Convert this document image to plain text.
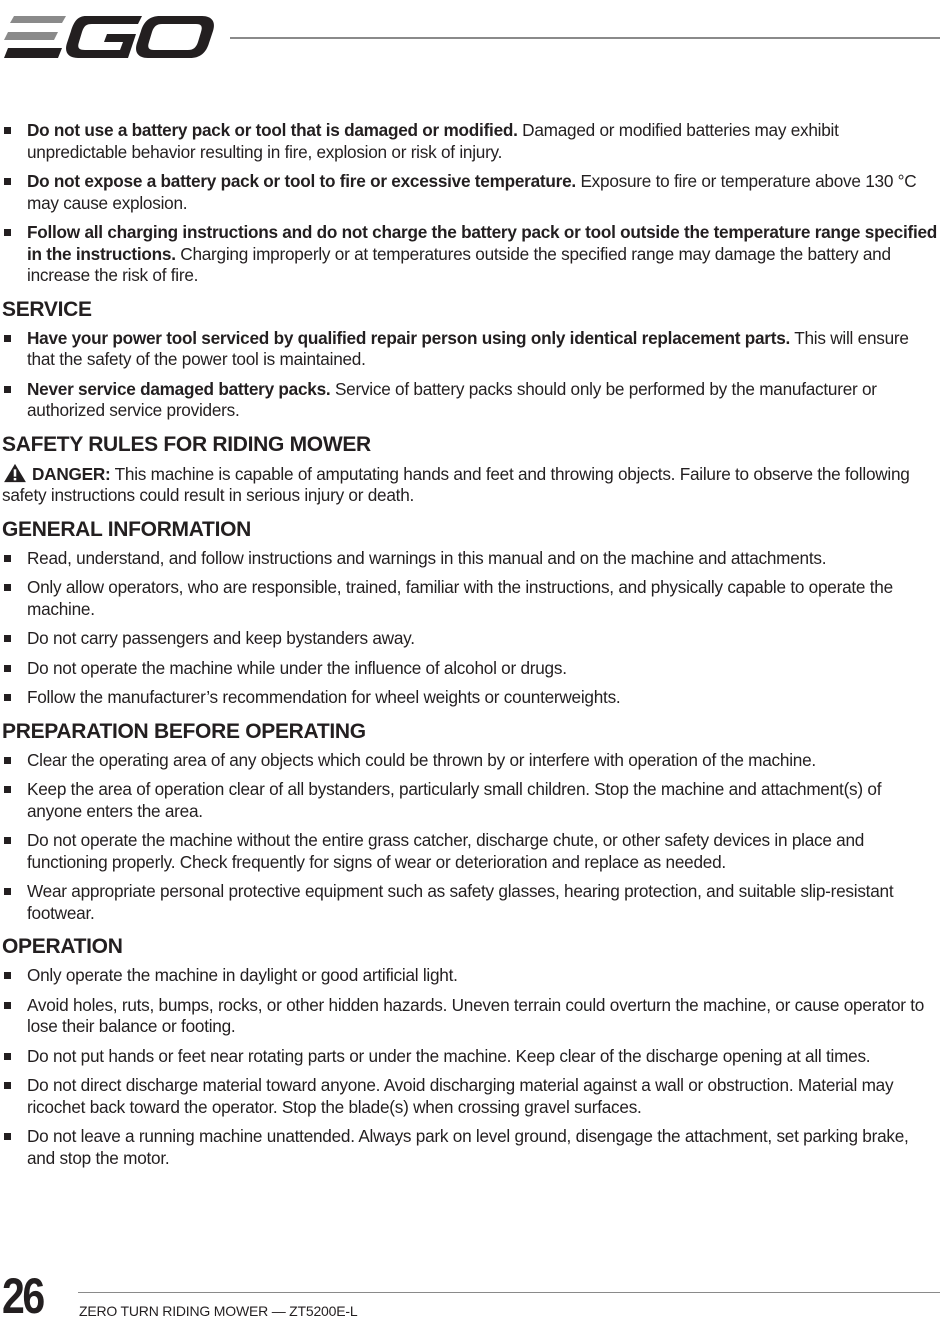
Do not use a battery pack or tool that is damaged or modified. Damaged or modified batteries may exhibit unpredictable behavior resulting in fire, explosion or risk of injury.
Do not expose a battery pack or tool to fire or excessive temperature. Exposure to fire or temperature above 130 °C may cause explosion.
Follow all charging instructions and do not charge the battery pack or tool outside the temperature range specified in the instructions. Charging improperly or at temperatures outside the specified range may damage the battery and increase the risk of fire.
SERVICE
Have your power tool serviced by qualified repair person using only identical replacement parts. This will ensure that the safety of the power tool is maintained.
Never service damaged battery packs. Service of battery packs should only be performed by the manufacturer or authorized service providers.
SAFETY RULES FOR RIDING MOWER
DANGER: This machine is capable of amputating hands and feet and throwing objects. Failure to observe the following safety instructions could result in serious injury or death.
GENERAL INFORMATION
Read, understand, and follow instructions and warnings in this manual and on the machine and attachments.
Only allow operators, who are responsible, trained, familiar with the instructions, and physically capable to operate the machine.
Do not carry passengers and keep bystanders away.
Do not operate the machine while under the influence of alcohol or drugs.
Follow the manufacturer’s recommendation for wheel weights or counterweights.
PREPARATION BEFORE OPERATING
Clear the operating area of any objects which could be thrown by or interfere with operation of the machine.
Keep the area of operation clear of all bystanders, particularly small children. Stop the machine and attachment(s) of anyone enters the area.
Do not operate the machine without the entire grass catcher, discharge chute, or other safety devices in place and functioning properly. Check frequently for signs of wear or deterioration and replace as needed.
Wear appropriate personal protective equipment such as safety glasses, hearing protection, and suitable slip-resistant footwear.
OPERATION
Only operate the machine in daylight or good artificial light.
Avoid holes, ruts, bumps, rocks, or other hidden hazards. Uneven terrain could overturn the machine, or cause operator to lose their balance or footing.
Do not put hands or feet near rotating parts or under the machine. Keep clear of the discharge opening at all times.
Do not direct discharge material toward anyone. Avoid discharging material against a wall or obstruction. Material may ricochet back toward the operator. Stop the blade(s) when crossing gravel surfaces.
Do not leave a running machine unattended. Always park on level ground, disengage the attachment, set parking brake, and stop the motor.
26	ZERO TURN RIDING MOWER — ZT5200E-L
